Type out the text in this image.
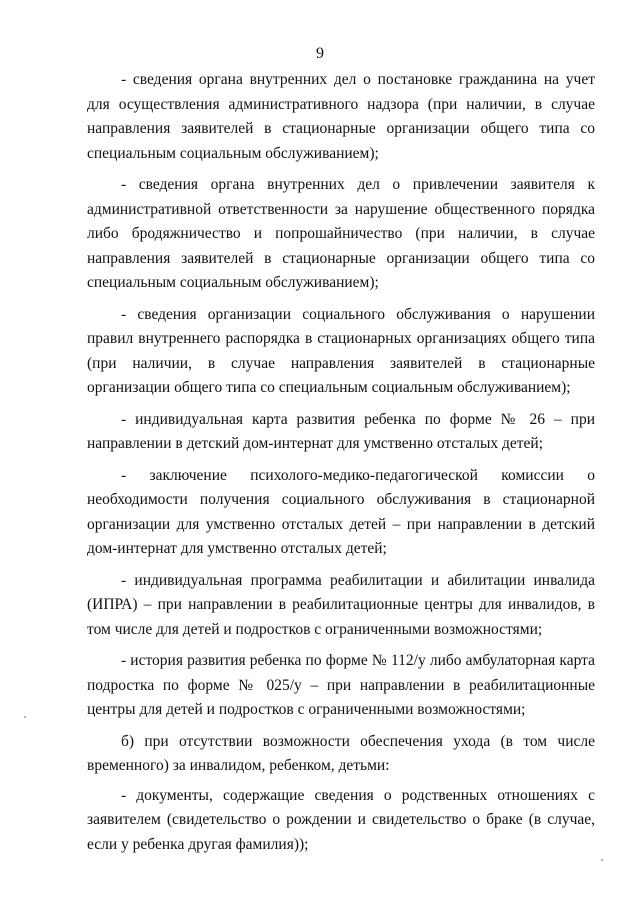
9

- сведения органа внутренних дел о постановке гражданина на учет для осуществления административного надзора (при наличии, в случае направления заявителей в стационарные организации общего типа со специальным социальным обслуживанием);

- сведения органа внутренних дел о привлечении заявителя к административной ответственности за нарушение общественного порядка либо бродяжничество и попрошайничество (при наличии, в случае направления заявителей в стационарные организации общего типа со специальным социальным обслуживанием);

- сведения организации социального обслуживания о нарушении правил внутреннего распорядка в стационарных организациях общего типа (при наличии, в случае направления заявителей в стационарные организации общего типа со специальным социальным обслуживанием);

- индивидуальная карта развития ребенка по форме № 26 – при направлении в детский дом-интернат для умственно отсталых детей;

- заключение психолого-медико-педагогической комиссии о необходимости получения социального обслуживания в стационарной организации для умственно отсталых детей – при направлении в детский дом-интернат для умственно отсталых детей;

- индивидуальная программа реабилитации и абилитации инвалида (ИПРА) – при направлении в реабилитационные центры для инвалидов, в том числе для детей и подростков с ограниченными возможностями;

- история развития ребенка по форме № 112/у либо амбулаторная карта подростка по форме № 025/у – при направлении в реабилитационные центры для детей и подростков с ограниченными возможностями;

б) при отсутствии возможности обеспечения ухода (в том числе временного) за инвалидом, ребенком, детьми:

- документы, содержащие сведения о родственных отношениях с заявителем (свидетельство о рождении и свидетельство о браке (в случае, если у ребенка другая фамилия));
